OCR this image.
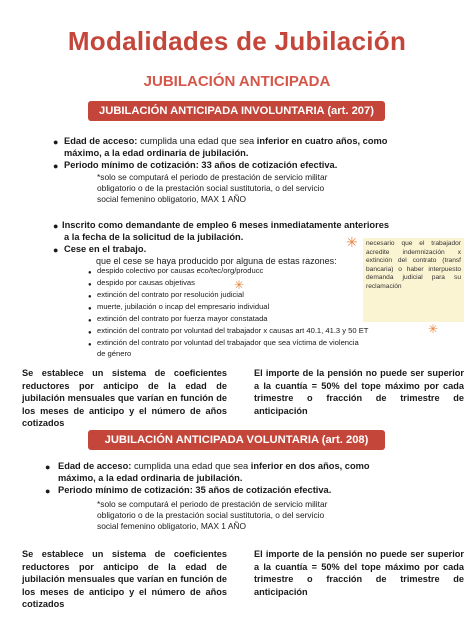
Modalidades de Jubilación
JUBILACIÓN ANTICIPADA
JUBILACIÓN ANTICIPADA INVOLUNTARIA (art. 207)
● Edad de acceso: cumplida una edad que sea inferior en cuatro años, como
máximo, a la edad ordinaria de jubilación.
● Periodo mínimo de cotización: 33 años de cotización efectiva.
*solo se computará el periodo de prestación de servicio militar
obligatorio o de la prestación social sustitutoria, o del servicio
social femenino obligatorio, MAX 1 AÑO
● Inscrito como demandante de empleo 6 meses inmediatamente anteriores
a la fecha de la solicitud de la jubilación.
● Cese en el trabajo.
que el cese se haya producido por alguna de estas razones:
● despido colectivo por causas eco/tec/org/producc
● despido por causas objetivas
● extinción del contrato por resolución judicial
● muerte, jubilación o incap del empresario individual
● extinción del contrato por fuerza mayor constatada
● extinción del contrato por voluntad del trabajador x causas art 40.1, 41.3 y 50 ET
● extinción del contrato por voluntad del trabajador que sea víctima de violencia
de género
✳
✳
✳	necesario que el trabajador acredite indemnización x extinción del contrato (transf bancaria) o haber interpuesto demanda judicial para su reclamación
Se establece un sistema de coeficientes reductores por anticipo de la edad de jubilación mensuales que varían en función de los meses de anticipo y el número de años cotizados
El importe de la pensión no puede ser superior a la cuantía = 50% del tope máximo por cada trimestre o fracción de trimestre de anticipación
JUBILACIÓN ANTICIPADA VOLUNTARIA (art. 208)
● Edad de acceso: cumplida una edad que sea inferior en dos años, como
máximo, a la edad ordinaria de jubilación.
● Periodo mínimo de cotización: 35 años de cotización efectiva.
*solo se computará el periodo de prestación de servicio militar
obligatorio o de la prestación social sustitutoria, o del servicio
social femenino obligatorio, MAX 1 AÑO
Se establece un sistema de coeficientes reductores por anticipo de la edad de jubilación mensuales que varían en función de los meses de anticipo y el número de años cotizados
El importe de la pensión no puede ser superior a la cuantía = 50% del tope máximo por cada trimestre o fracción de trimestre de anticipación
